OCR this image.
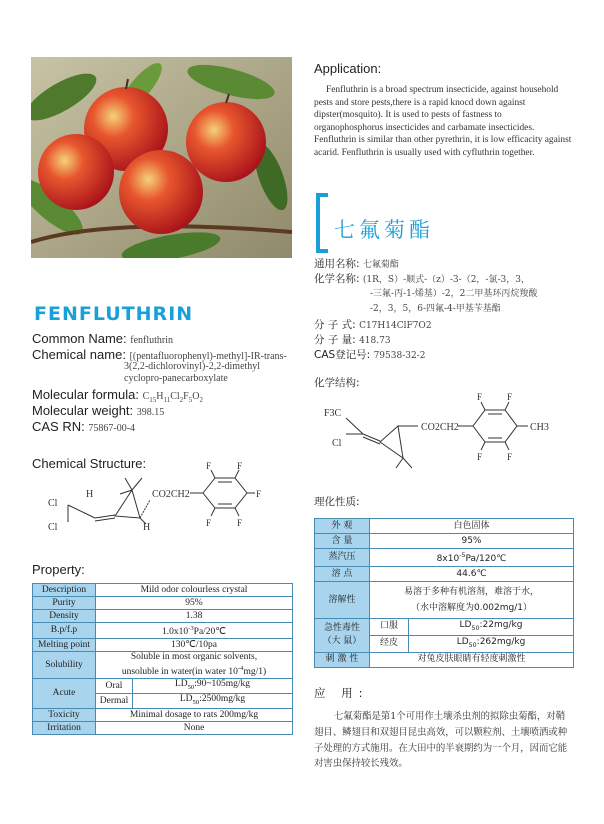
FENFLUTHRIN
Common Name: fenfluthrin
Chemical name: [(pentafluorophenyl)-methyl]-IR-trans-
3(2,2-dichlorovinyl)-2,2-dimethyl
cyclopro-panecarboxylate
Molecular formula: $C_{15}H_{11}Cl_2F_5O_2$
Molecular weight: 398.15
CAS RN: 75867-00-4
Chemical Structure:
Cl
Cl
H
H
CO2CH2
F	F
F
F	F
Property:
Description	Mild odor colourless crystal	
Purity	95%	
Density	1.38	
B.p/f.p	$1.0x10^{-3}Pa/20℃$	
Melting point	130℃/10pa	
Solubility	Soluble in most organic solvents,
unsoluble in water(in water $10^{-4}mg/1$)	
Acute	Oral	$LD_{50}:90\sim 105mg/kg$
	Dermal	$LD_{50}:2500mg/kg$
Toxicity	Minimal dosage to rats 200mg/kg	
Irritation	None	
Application:
Fenfluthrin is a broad spectrum insecticide, against household pests and store pests,there is a rapid knocd down against dipster(mosquito). It is used to pests of fastness to organophosphorus insecticides and carbamate insecticides. Fenfluthrin is similar than other pyrethrin, it is low efficacity against acarid. Fenfluthrin is usually used with cyfluthrin together.
七氟菊酯
通用名称: 七氟菊酯
化学名称: (1R，S）-顺式-（z）-3-（2，-氯-3，3，
-三氟-丙-1-烯基）-2，2二甲基环丙烷羧酸
-2，3，5，6-四氟-4-甲基苄基酯
分 子 式: C17H14ClF7O2
分 子 量: 418.73
CAS登记号: 79538-32-2
化学结构:
F3C
Cl
CO2CH2
F	F
F	F
CH3
理化性质:
外 观	白色固体	
含 量	95%	
蒸汽压	$8x10^{-5}Pa/120℃$	
溶 点	44.6℃	
溶解性	易溶于多种有机溶剂，难溶于水，
（水中溶解度为0.002mg/1）	
急性毒性
（大 鼠）	口服	$LD_{50}:22mg/kg$
	经皮	$LD_{50}:262mg/kg$
刺 激 性	对兔皮肤眼睛有轻度刺激性	
应 用:
七氟菊酯是第1个可用作土壤杀虫剂的拟除虫菊酯，对鞘翅目、鳞翅目和双翅目昆虫高效，可以颗粒剂、土壤喷洒或种子处理的方式施用。在大田中的半衰期约为一个月，因而它能对害虫保持较长残效。
